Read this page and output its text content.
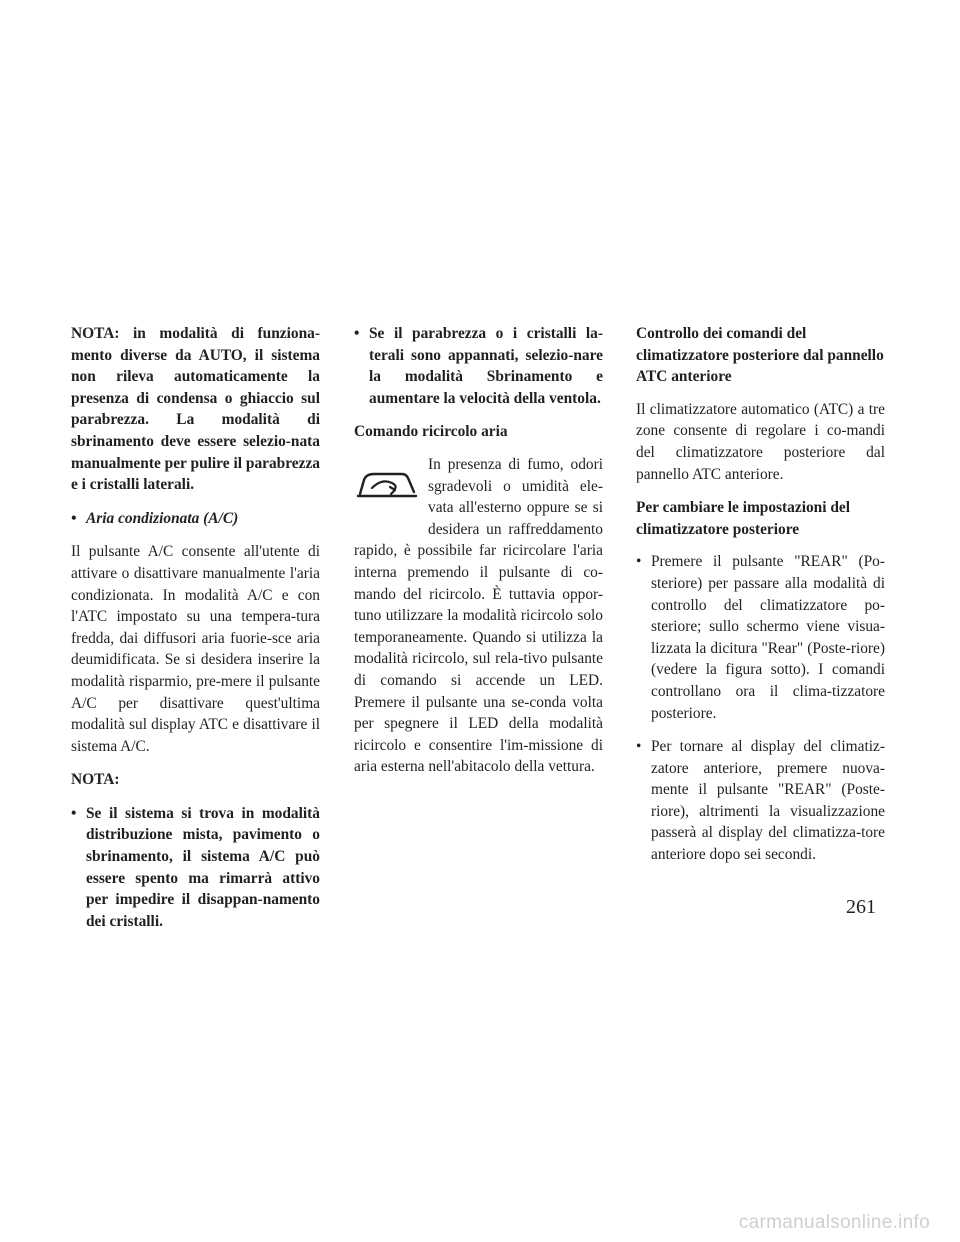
NOTA: in modalità di funziona-mento diverse da AUTO, il sistema non rileva automaticamente la presenza di condensa o ghiaccio sul parabrezza. La modalità di sbrinamento deve essere selezio-nata manualmente per pulire il parabrezza e i cristalli laterali.

• Aria condizionata (A/C)

Il pulsante A/C consente all'utente di attivare o disattivare manualmente l'aria condizionata. In modalità A/C e con l'ATC impostato su una tempera-tura fredda, dai diffusori aria fuorie-sce aria deumidificata. Se si desidera inserire la modalità risparmio, pre-mere il pulsante A/C per disattivare quest'ultima modalità sul display ATC e disattivare il sistema A/C.

NOTA:

• Se il sistema si trova in modalità distribuzione mista, pavimento o sbrinamento, il sistema A/C può essere spento ma rimarrà attivo per impedire il disappan-namento dei cristalli.
• Se il parabrezza o i cristalli la-terali sono appannati, selezio-nare la modalità Sbrinamento e aumentare la velocità della ventola.

Comando ricircolo aria

In presenza di fumo, odori sgradevoli o umidità ele-vata all'esterno oppure se si desidera un raffreddamento rapido, è possibile far ricircolare l'aria interna premendo il pulsante di co-mando del ricircolo. È tuttavia oppor-tuno utilizzare la modalità ricircolo solo temporaneamente. Quando si utilizza la modalità ricircolo, sul rela-tivo pulsante di comando si accende un LED. Premere il pulsante una se-conda volta per spegnere il LED della modalità ricircolo e consentire l'im-missione di aria esterna nell'abitacolo della vettura.

Controllo dei comandi del climatizzatore posteriore dal pannello ATC anteriore

Il climatizzatore automatico (ATC) a tre zone consente di regolare i co-mandi del climatizzatore posteriore dal pannello ATC anteriore.

Per cambiare le impostazioni del climatizzatore posteriore

• Premere il pulsante "REAR" (Po-steriore) per passare alla modalità di controllo del climatizzatore po-steriore; sullo schermo viene visua-lizzata la dicitura "Rear" (Poste-riore) (vedere la figura sotto). I comandi controllano ora il clima-tizzatore posteriore.
• Per tornare al display del climatiz-zatore anteriore, premere nuova-mente il pulsante "REAR" (Poste-riore), altrimenti la visualizzazione passerà al display del climatizza-tore anteriore dopo sei secondi.
261
carmanualsonline.info
